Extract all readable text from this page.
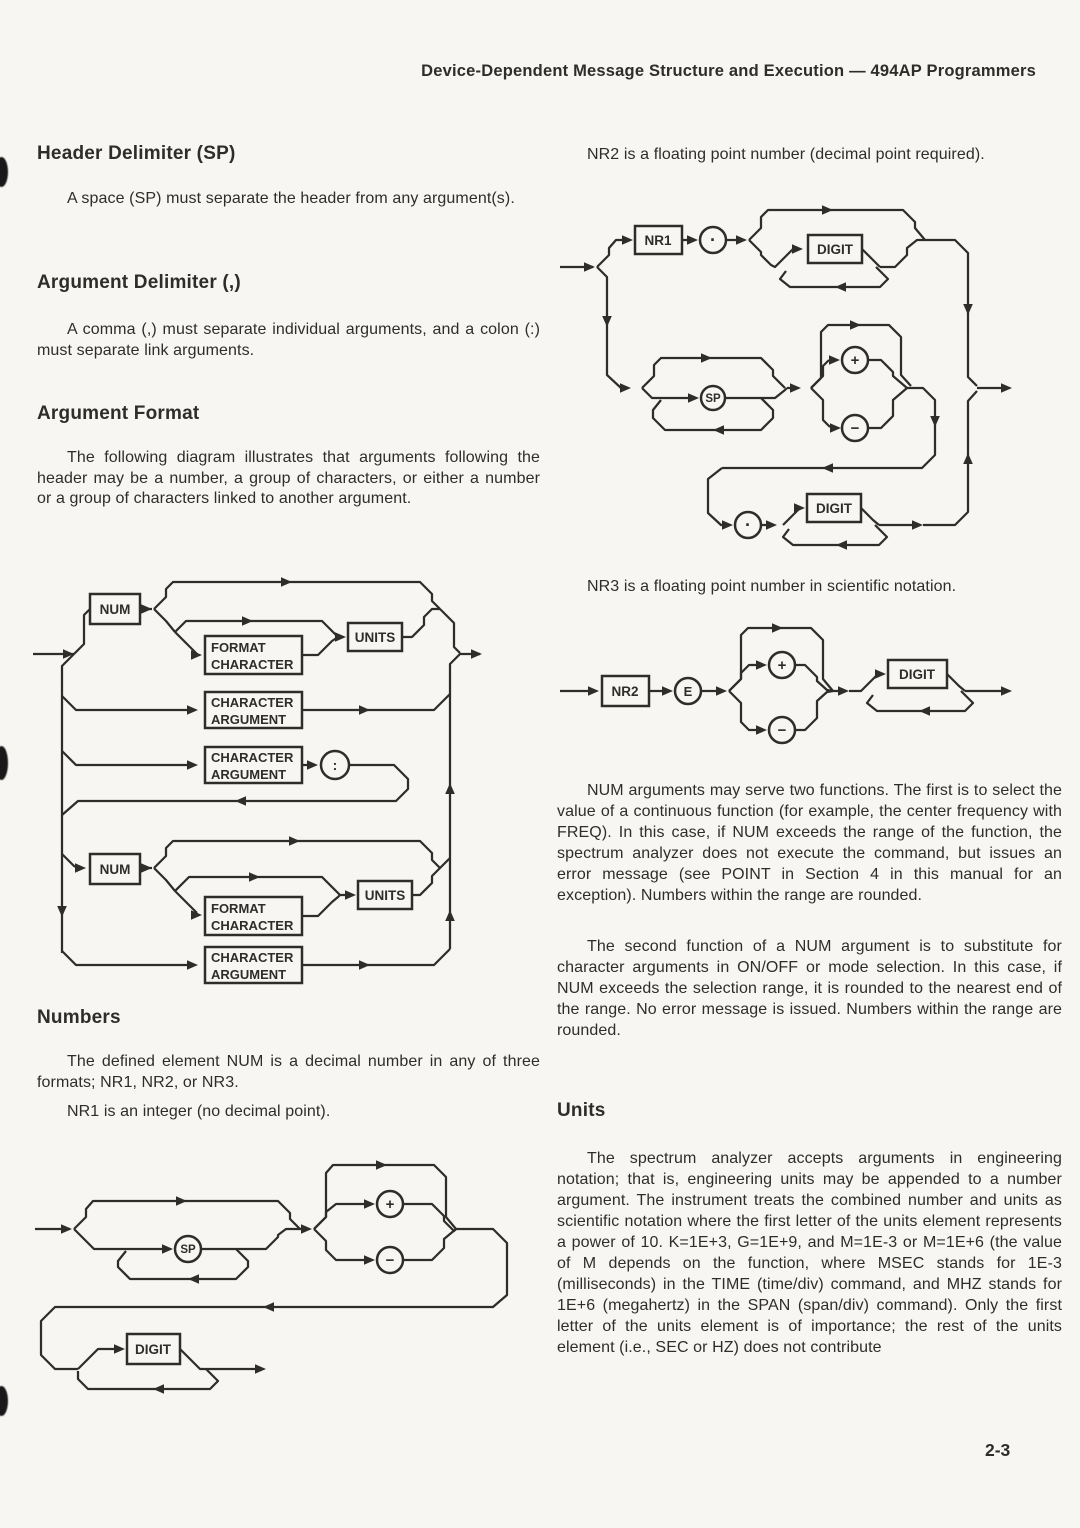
Device-Dependent Message Structure and Execution — 494AP Programmers
Header Delimiter (SP)
A space (SP) must separate the header from any argument(s).
Argument Delimiter (,)
A comma (,) must separate individual arguments, and a colon (:) must separate link arguments.
Argument Format
The following diagram illustrates that arguments following the header may be a number, a group of characters, or either a number or a group of characters linked to another argument.
Numbers
The defined element NUM is a decimal number in any of three formats; NR1, NR2, or NR3.
NR1 is an integer (no decimal point).
NR2 is a floating point number (decimal point required).
NR3 is a floating point number in scientific notation.
NUM arguments may serve two functions. The first is to select the value of a continuous function (for example, the center frequency with FREQ). In this case, if NUM exceeds the range of the function, the spectrum analyzer does not execute the command, but issues an error message (see POINT in Section 4 in this manual for an exception). Numbers within the range are rounded.
The second function of a NUM argument is to substitute for character arguments in ON/OFF or mode selection. In this case, if NUM exceeds the selection range, it is rounded to the nearest end of the range. No error message is issued. Numbers within the range are rounded.
Units
The spectrum analyzer accepts arguments in engineering notation; that is, engineering units may be appended to a number argument. The instrument treats the combined number and units as scientific notation where the first letter of the units element represents a power of 10. K=1E+3, G=1E+9, and M=1E-3 or M=1E+6 (the value of M depends on the function, where MSEC stands for 1E-3 (milliseconds) in the TIME (time/div) command, and MHZ stands for 1E+6 (megahertz) in the SPAN (span/div) command). Only the first letter of the units element is of importance; the rest of the units element (i.e., SEC or HZ) does not contribute
2-3
NUM
FORMAT
CHARACTER
UNITS
CHARACTER
ARGUMENT
CHARACTER
ARGUMENT
:
NUM
FORMAT
CHARACTER
UNITS
CHARACTER
ARGUMENT
SP
+
−
DIGIT
NR1 ·	DIGIT
SP
+
−
·
DIGIT
NR2	E
+
−
DIGIT
